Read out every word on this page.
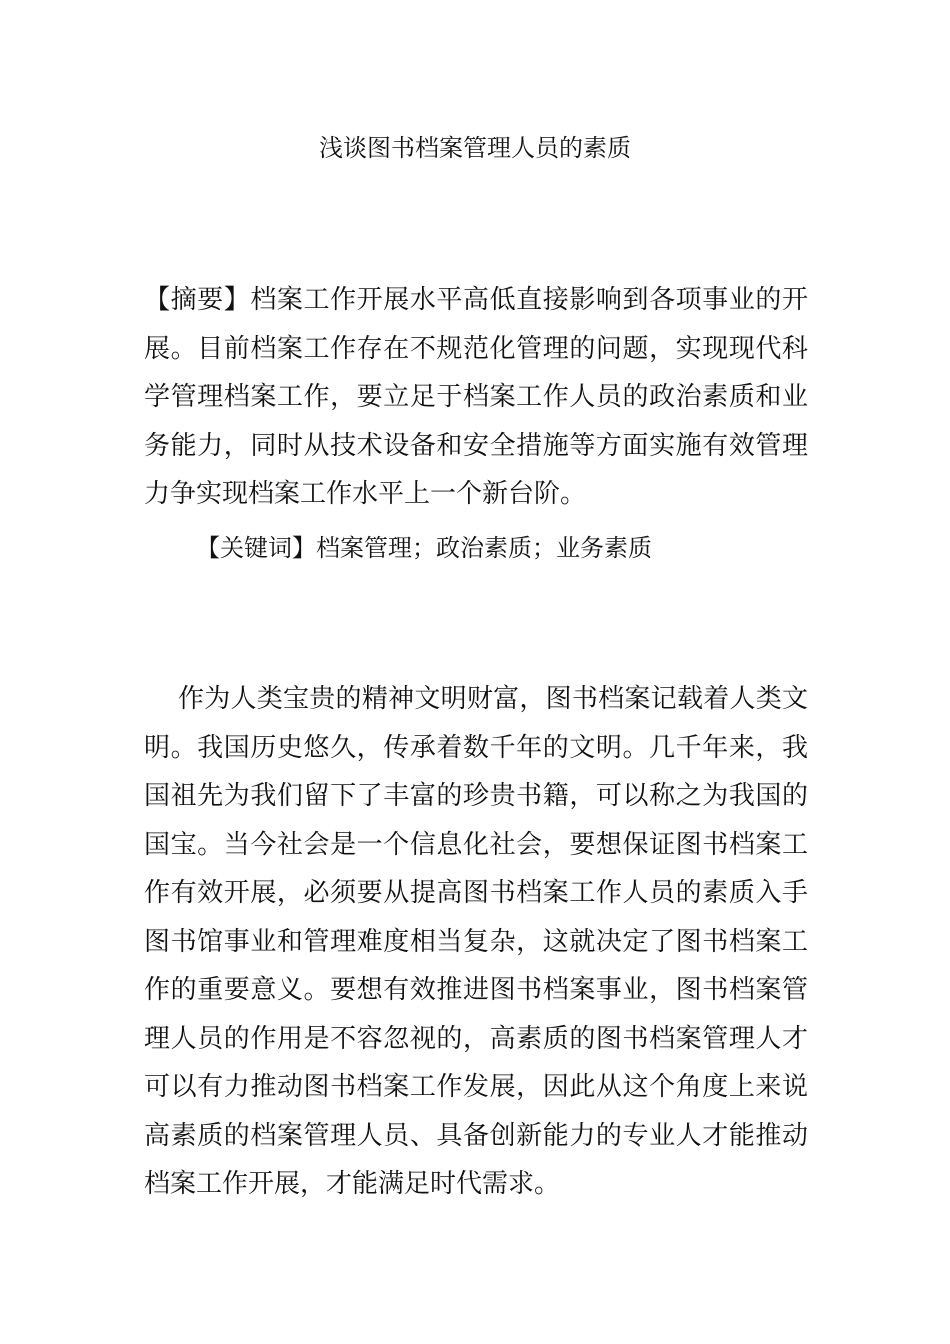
浅谈图书档案管理人员的素质
【摘要】档案工作开展水平高低直接影响到各项事业的开展。目前档案工作存在不规范化管理的问题，实现现代科学管理档案工作，要立足于档案工作人员的政治素质和业务能力，同时从技术设备和安全措施等方面实施有效管理力争实现档案工作水平上一个新台阶。
【关键词】档案管理；政治素质；业务素质
作为人类宝贵的精神文明财富，图书档案记载着人类文明。我国历史悠久，传承着数千年的文明。几千年来，我国祖先为我们留下了丰富的珍贵书籍，可以称之为我国的国宝。当今社会是一个信息化社会，要想保证图书档案工作有效开展，必须要从提高图书档案工作人员的素质入手图书馆事业和管理难度相当复杂，这就决定了图书档案工作的重要意义。要想有效推进图书档案事业，图书档案管理人员的作用是不容忽视的，高素质的图书档案管理人才可以有力推动图书档案工作发展，因此从这个角度上来说高素质的档案管理人员、具备创新能力的专业人才能推动档案工作开展，才能满足时代需求。
